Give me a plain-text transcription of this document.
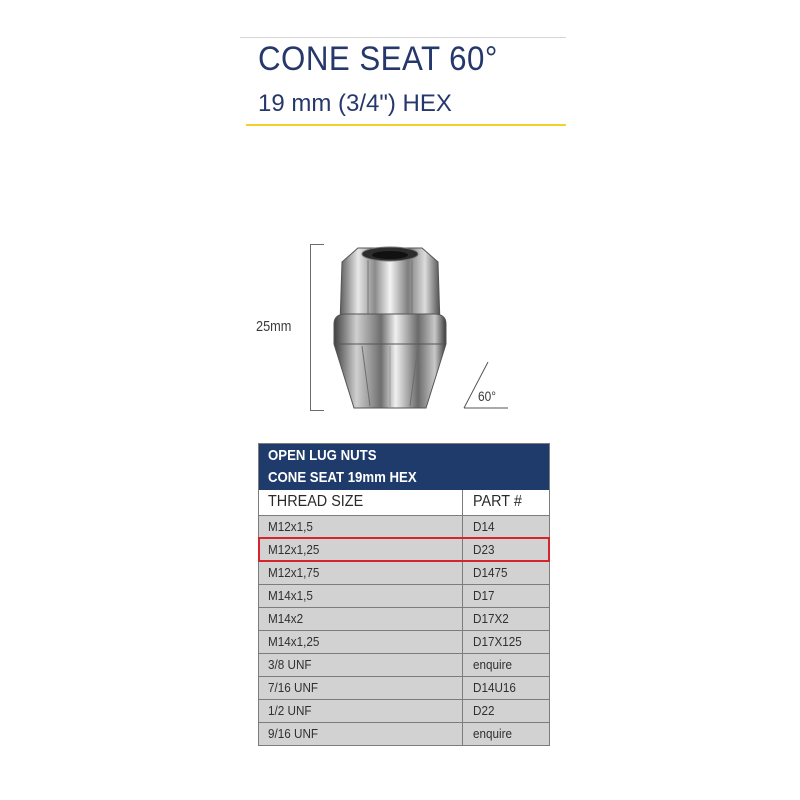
CONE SEAT 60°
19 mm (3/4") HEX
25mm
60°
OPEN LUG NUTS
CONE SEAT 19mm HEX
THREAD SIZE	PART #
M12x1,5	D14
M12x1,25	D23
M12x1,75	D1475
M14x1,5	D17
M14x2	D17X2
M14x1,25	D17X125
3/8 UNF	enquire
7/16 UNF	D14U16
1/2 UNF	D22
9/16 UNF	enquire
